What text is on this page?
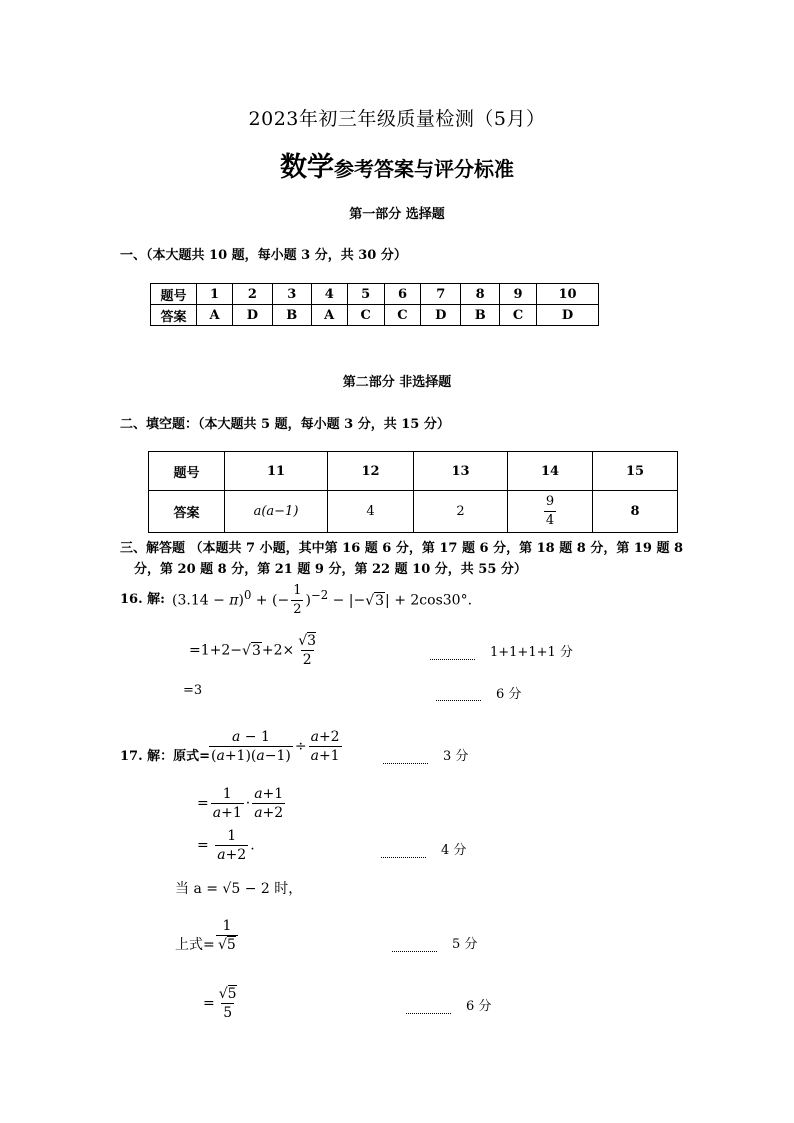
2023年初三年级质量检测（5月）
数学参考答案与评分标准
第一部分 选择题
一、（本大题共 10 题，每小题 3 分，共 30 分）
题号	1	2	3	4	5	6	7	8	9	10
答案	A	D	B	A	C	C	D	B	C	D
第二部分 非选择题
二、填空题：（本大题共 5 题，每小题 3 分，共 15 分）
题号	11	12	13	14	15
答案	a(a−1)	4	2	$\frac{9}{4}$	8
三、解答题 （本题共 7 小题，其中第 16 题 6 分，第 17 题 6 分，第 18 题 8 分，第 19 题 8
分，第 20 题 8 分，第 21 题 9 分，第 22 题 10 分，共 55 分）
16. 解: $(3.14 - \pi)^0$ + (− $\frac{1}{2} )^{-2} - |-√3| + 2\cos 30^\circ$.
$=1+2-√3+2\times \frac{√3}{2}$	1+1+1+1 分
=3	6 分
17. 解：原式=
$\frac{a - 1}{(a+1)(a-1)} \div \frac{a+2}{a+1}$	3 分
= $\frac{1}{a+1} \cdot \frac{a+1}{a+2}$
= $\frac{1}{a+2}$ .	4 分
当 a = √5 − 2 时，
上式= $\frac{1}{√5}$	5 分
= $\frac{√5}{5}$	6 分
